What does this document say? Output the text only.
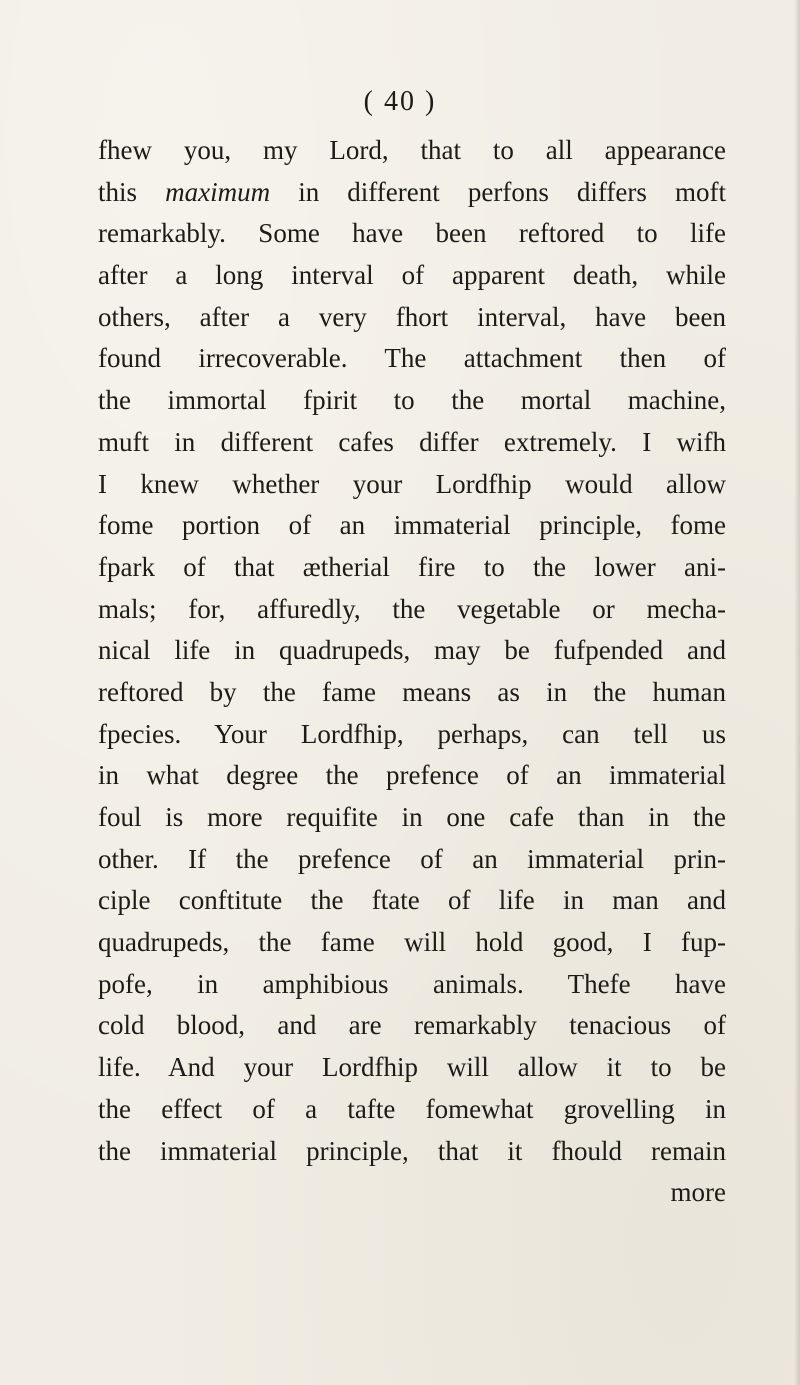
( 40 )
fhew you, my Lord, that to all appearance
this maximum in different perfons differs moft
remarkably. Some have been reftored to life
after a long interval of apparent death, while
others, after a very fhort interval, have been
found irrecoverable. The attachment then of
the immortal fpirit to the mortal machine,
muft in different cafes differ extremely. I wifh
I knew whether your Lordfhip would allow
fome portion of an immaterial principle, fome
fpark of that ætherial fire to the lower ani-
mals; for, affuredly, the vegetable or mecha-
nical life in quadrupeds, may be fufpended and
reftored by the fame means as in the human
fpecies. Your Lordfhip, perhaps, can tell us
in what degree the prefence of an immaterial
foul is more requifite in one cafe than in the
other. If the prefence of an immaterial prin-
ciple conftitute the ftate of life in man and
quadrupeds, the fame will hold good, I fup-
pofe, in amphibious animals. Thefe have
cold blood, and are remarkably tenacious of
life. And your Lordfhip will allow it to be
the effect of a tafte fomewhat grovelling in
the immaterial principle, that it fhould remain
more
